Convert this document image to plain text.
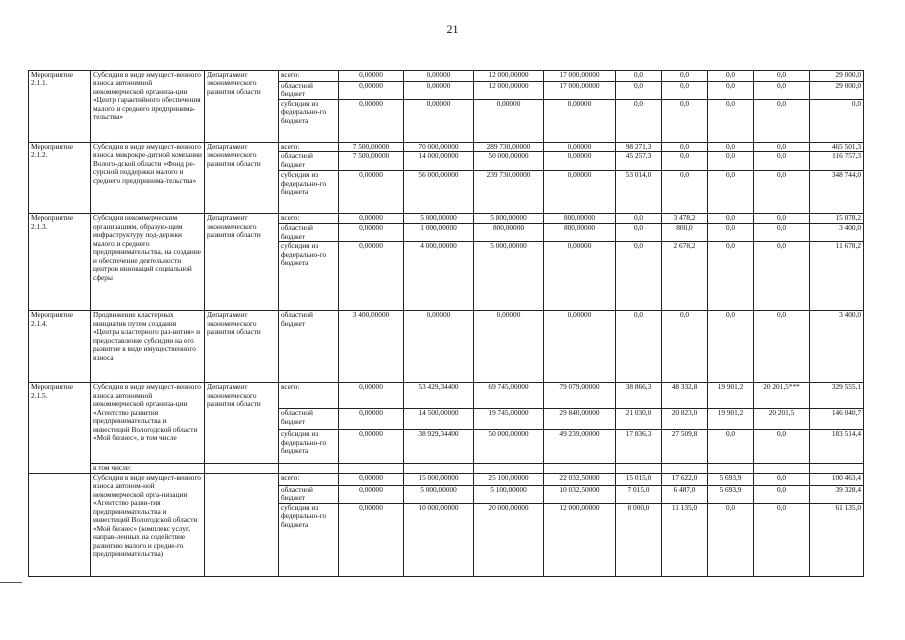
21
Мероприятие 2.1.1.	Субсидия в виде имущест-венного взноса автономной некоммерческой организа-ции «Центр гарантийного обеспечения малого и среднего предпринима-тельства»	Департамент экономического развития области	всего:	0,00000	0,00000	12 000,00000	17 000,00000	0,0	0,0	0,0	0,0	29 000,0
			областной бюджет	0,00000	0,00000	12 000,00000	17 000,00000	0,0	0,0	0,0	0,0	29 000,0
			субсидия из федерально-го бюджета	0,00000	0,00000	0,00000	0,00000	0,0	0,0	0,0	0,0	0,0
Мероприятие 2.1.2.	Субсидия в виде имущест-венного взноса микрокре-дитной компании Волого-дской области «Фонд ре-сурсной поддержки малого и среднего предпринима-тельства»	Департамент экономического развития области	всего:	7 500,00000	70 000,00000	289 730,00000	0,00000	98 271,3	0,0	0,0	0,0	465 501,3
			областной бюджет	7 500,00000	14 000,00000	50 000,00000	0,00000	45 257,3	0,0	0,0	0,0	116 757,3
			субсидия из федерально-го бюджета	0,00000	56 000,00000	239 730,00000	0,00000	53 014,0	0,0	0,0	0,0	348 744,0
Мероприятие 2.1.3.	Субсидия некоммерческим организациям, образую-щим инфраструктуру под-держки малого и среднего предпринимательства, на создание и обеспечение деятельности центров инноваций социальной сферы	Департамент экономического развития области	всего:	0,00000	5 000,00000	5 800,00000	800,00000	0,0	3 478,2	0,0	0,0	15 078,2
			областной бюджет	0,00000	1 000,00000	800,00000	800,00000	0,0	800,0	0,0	0,0	3 400,0
			субсидия из федерально-го бюджета	0,00000	4 000,00000	5 000,00000	0,00000	0,0	2 678,2	0,0	0,0	11 678,2
Мероприятие 2.1.4.	Продвижение кластерных инициатив путем создания «Центра кластерного раз-вития» и предоставление субсидии на его развитие в виде имущественного взноса	Департамент экономического развития области	областной бюджет	3 400,00000	0,00000	0,00000	0,00000	0,0	0,0	0,0	0,0	3 400,0
Мероприятие 2.1.5.	Субсидия в виде имущест-венного взноса автономной некоммерческой организа-ции «Агентство развития предпринимательства и инвестиций Вологодской области «Мой бизнес», в том числе	Департамент экономического развития области	всего:	0,00000	53 429,34400	69 745,00000	79 079,00000	38 866,3	48 332,8	19 901,2	20 201,5***	329 555,1
			областной бюджет	0,00000	14 500,00000	19 745,00000	29 840,00000	21 030,0	20 823,0	19 901,2	20 201,5	146 040,7
			субсидия из федерально-го бюджета	0,00000	38 929,34400	50 000,00000	49 239,00000	17 836,3	27 509,8	0,0	0,0	183 514,4
	в том числе:											
	Субсидия в виде имущест-венного взноса автоном-ной некоммерческой орга-низации «Агентство разви-тия предпринимательства и инвестиций Вологодской области «Мой бизнес» (комплекс услуг, направ-ленных на содействие развитию малого и средне-го предпринимательства)		всего:	0,00000	15 000,00000	25 100,00000	22 032,50000	15 015,0	17 622,0	5 693,9	0,0	100 463,4
			областной бюджет	0,00000	5 000,00000	5 100,00000	10 032,50000	7 015,0	6 487,0	5 693,9	0,0	39 328,4
			субсидия из федерально-го бюджета	0,00000	10 000,00000	20 000,00000	12 000,00000	8 000,0	11 135,0	0,0	0,0	61 135,0
